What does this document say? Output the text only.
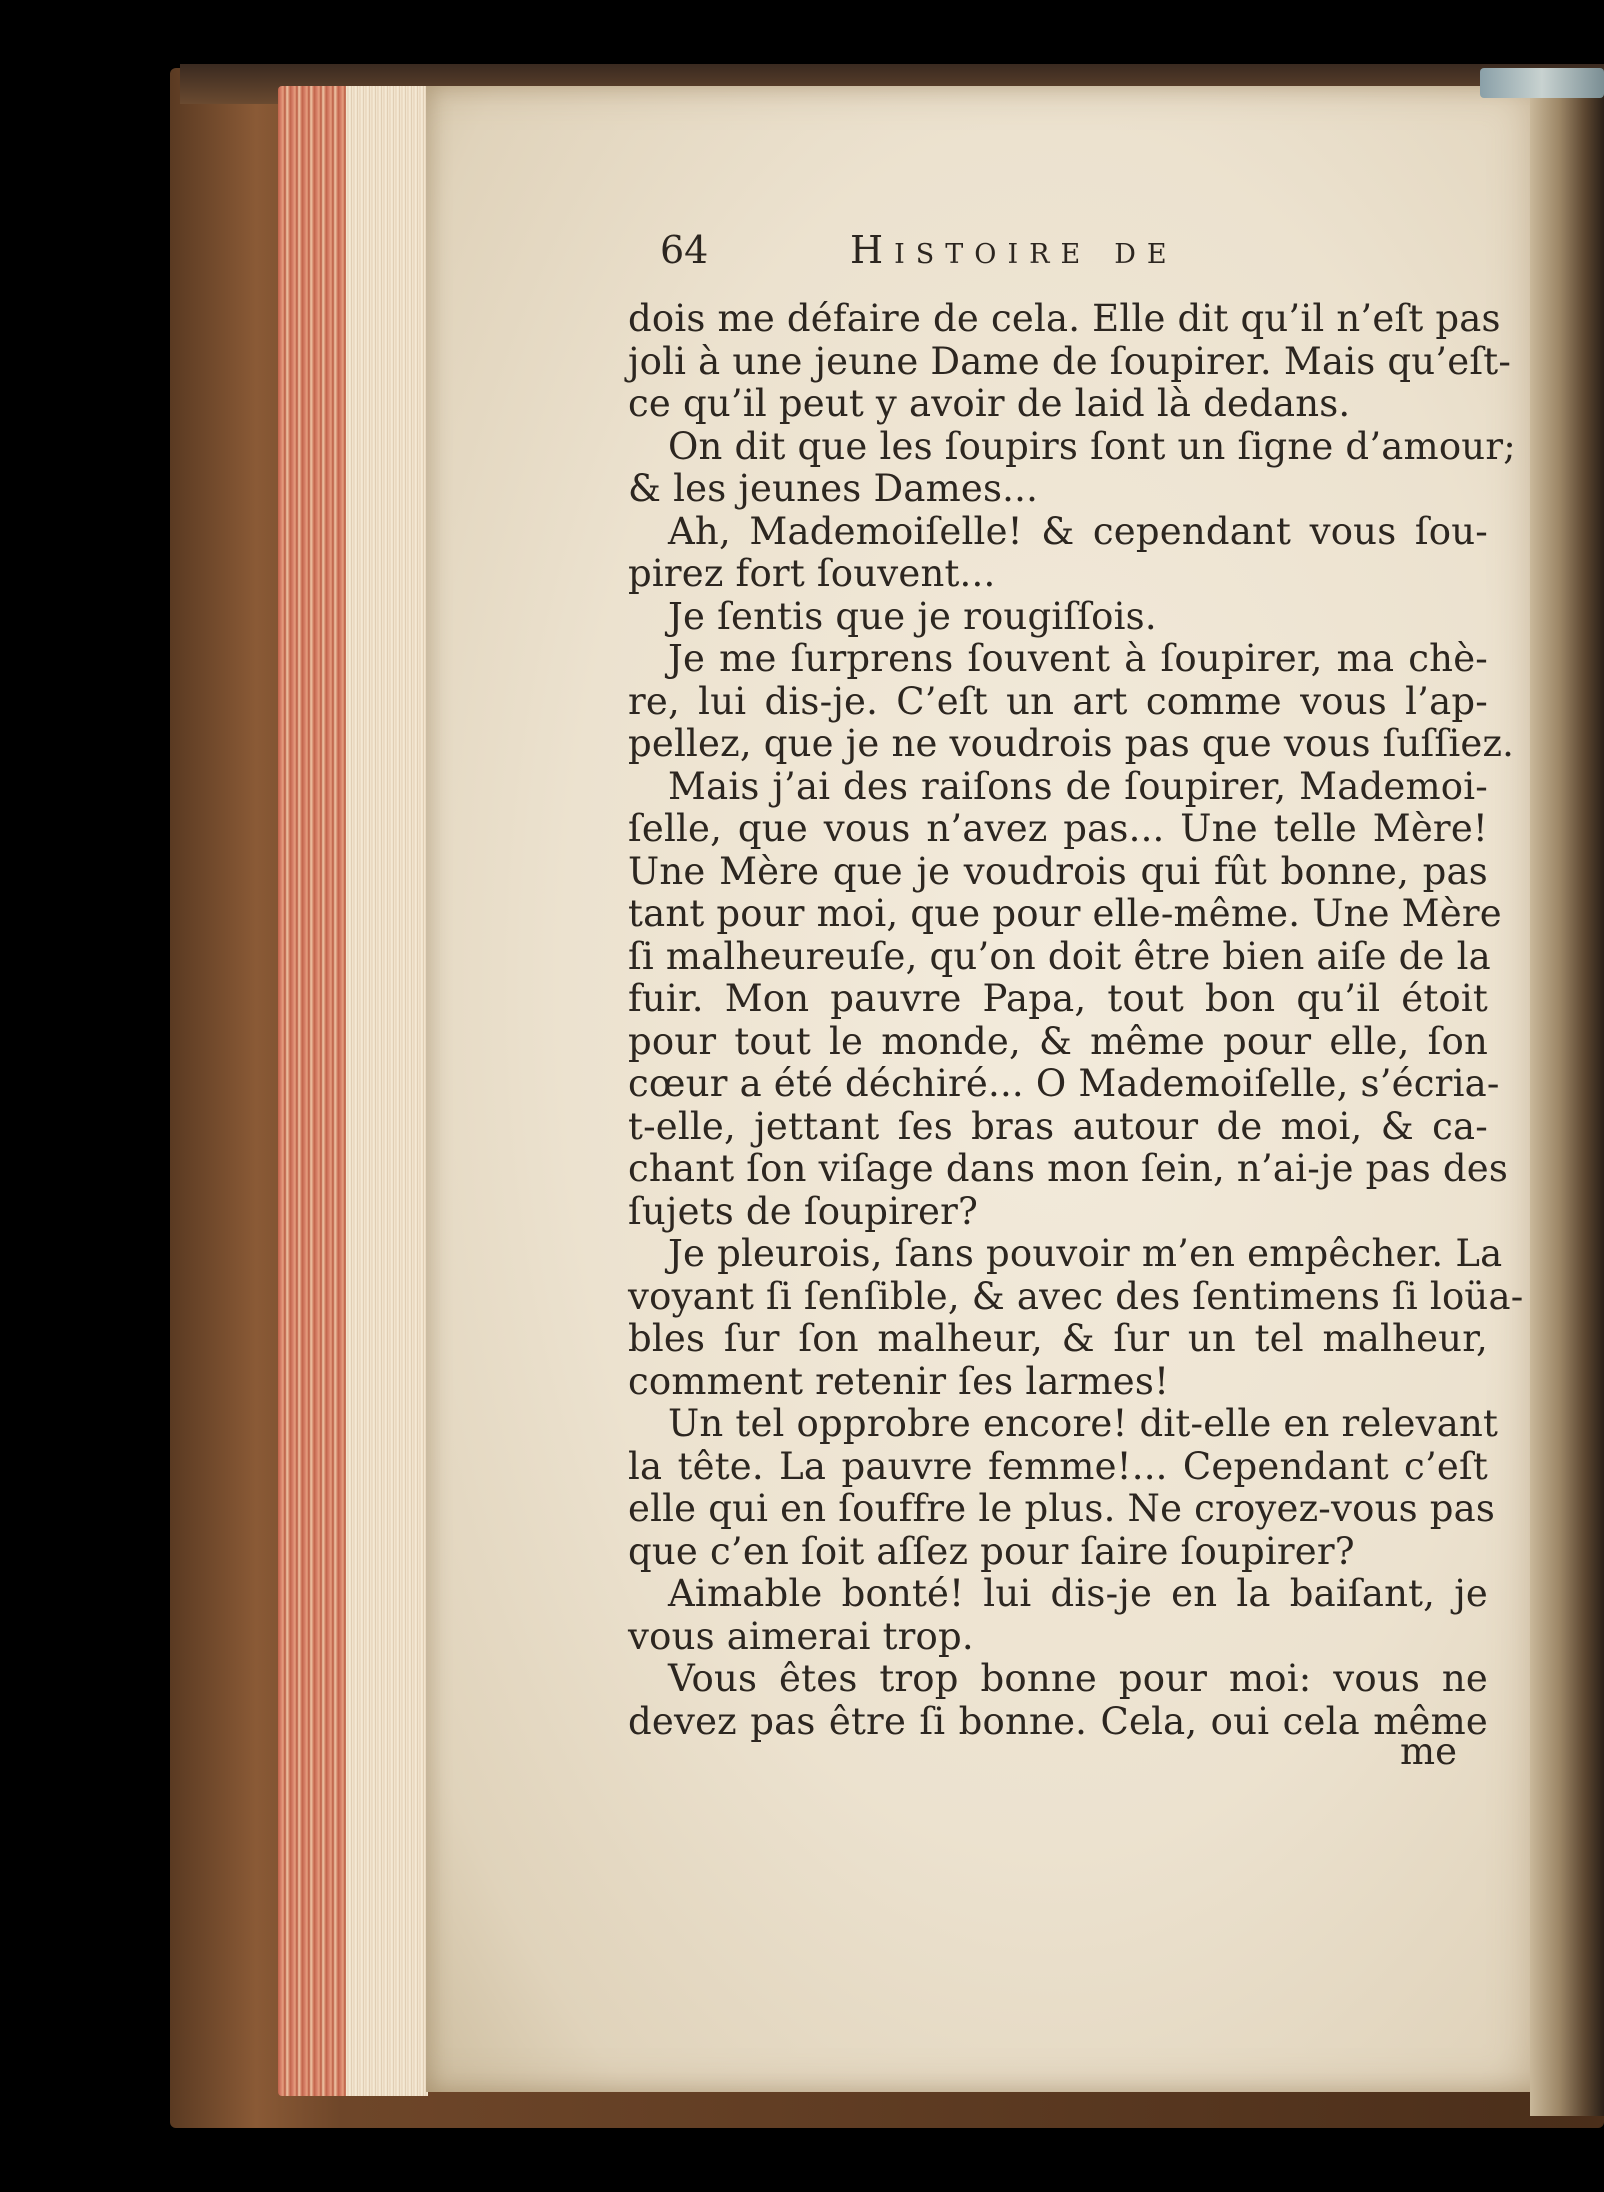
64	Histoire de
dois me défaire de cela. Elle dit qu’il n’eſt pas
joli à une jeune Dame de ſoupirer. Mais qu’eſt-
ce qu’il peut y avoir de laid là dedans.
On dit que les ſoupirs ſont un ſigne d’amour;
& les jeunes Dames...
Ah, Mademoiſelle! & cependant vous ſou-
pirez fort ſouvent...
Je ſentis que je rougiſſois.
Je me ſurprens ſouvent à ſoupirer, ma chè-
re, lui dis-je. C’eſt un art comme vous l’ap-
pellez, que je ne voudrois pas que vous ſuſſiez.
Mais j’ai des raiſons de ſoupirer, Mademoi-
ſelle, que vous n’avez pas... Une telle Mère!
Une Mère que je voudrois qui fût bonne, pas
tant pour moi, que pour elle-même. Une Mère
ſi malheureuſe, qu’on doit être bien aiſe de la
fuir. Mon pauvre Papa, tout bon qu’il étoit
pour tout le monde, & même pour elle, ſon
cœur a été déchiré... O Mademoiſelle, s’écria-
t-elle, jettant ſes bras autour de moi, & ca-
chant ſon viſage dans mon ſein, n’ai-je pas des
ſujets de ſoupirer?
Je pleurois, ſans pouvoir m’en empêcher. La
voyant ſi ſenſible, & avec des ſentimens ſi loüa-
bles ſur ſon malheur, & ſur un tel malheur,
comment retenir ſes larmes!
Un tel opprobre encore! dit-elle en relevant
la tête. La pauvre femme!... Cependant c’eſt
elle qui en ſouffre le plus. Ne croyez-vous pas
que c’en ſoit aſſez pour ſaire ſoupirer?
Aimable bonté! lui dis-je en la baiſant, je
vous aimerai trop.
Vous êtes trop bonne pour moi: vous ne
devez pas être ſi bonne. Cela, oui cela même
me
